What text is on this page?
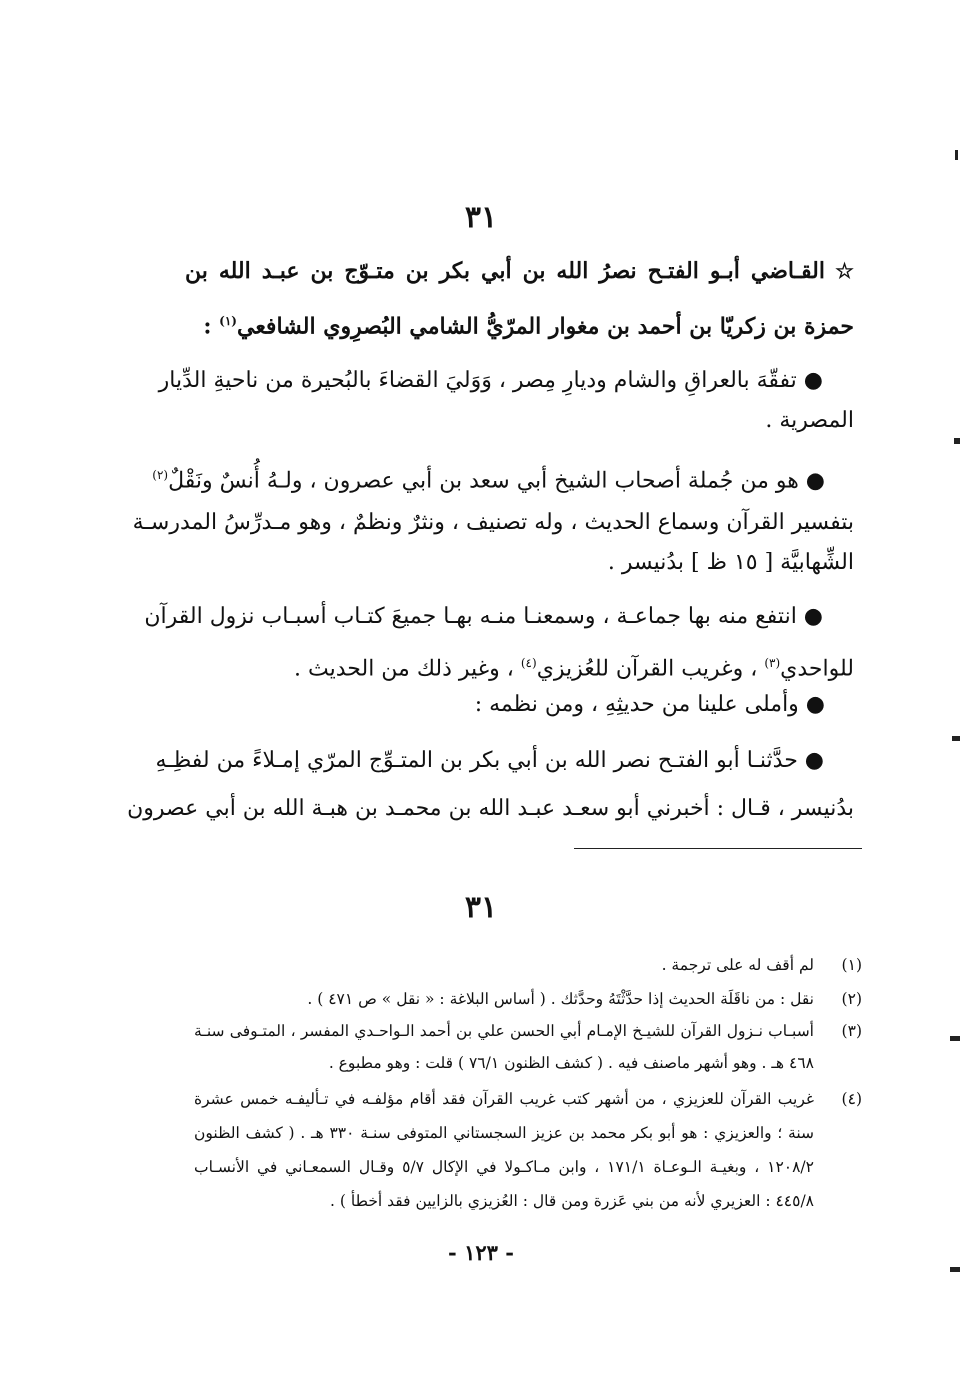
٣١
☆
القـاضي أبـو الفتـح نصرُ الله بن أبي بكر بن متـوّج بن عبـد الله بن
حمزة بن زكريّا بن أحمد بن مغوار المرّيُّ الشامي البُصرِوي الشافعي$^{(١)}$ :
● تفقّهَ بالعراقِ والشام وديارِ مِصر ، وَوَليَ القضاءَ بالبُحيرة من ناحيةِ الدِّيار
المصرية .
● هو من جُملة أصحاب الشيخ أبي سعد بن أبي عصرون ، ولـهُ أُنسٌ ونَقْلٌ$^{(٢)}$
بتفسير القرآن وسماع الحديث ، وله تصنيف ، ونثرٌ ونظمٌ ، وهو مـدرِّسُ المدرسـة
الشِّهابيَّة [ ١٥ ظ ] بدُنيسر .
● انتفع منه بها جماعـة ، وسمعنـا منـه بهـا جميعَ كتـاب أسبـاب نزول القرآن
للواحدي$^{(٣)}$ ، وغريب القرآن للعُزيزي$^{(٤)}$ ، وغير ذلك من الحديث .
● وأملى علينا من حديثِهِ ، ومن نظمه :
● حدَّثنـا أبو الفتـح نصر الله بن أبي بكر بن المتـوِّج المرّي إمـلاءً من لفظِـهِ
بدُنيسر ، قـال : أخبرني أبو سعـد عبـد الله بن محمـد بن هبـة الله بن أبي عصرون
٣١
(١)
لم أقف له على ترجمة .
(٢)
نقل : من ناقَلَة الحديث إذا حدَّثْتَهُ وحدَّثك . ( أساس البلاغة : « نقل » ص ٤٧١ ) .
(٣)
أسبـاب نـزول القرآن للشيـخ الإمـام أبي الحسن علي بن أحمد الـواحـدي المفسر ، المتـوفى سنـة
٤٦٨ هـ . وهو أشهر ماصنف فيه . ( كشف الظنون ٧٦/١ ) قلت : وهو مطبوع .
(٤)
غريب القرآن للعزيزي ، من أشهر كتب غريب القرآن فقد أقام مؤلفـه في تـأليفـه خمس عشرة
سنة ؛ والعزيزي : هو أبو بكر محمد بن عزيز السجستاني المتوفى سنـة ٣٣٠ هـ . ( كشف الظنون
١٢٠٨/٢ ، وبغيـة الـوعـاة ١٧١/١ ، وابن مـاكـولا في الإكال ٥/٧ وقـال السمعـاني في الأنسـاب
٤٤٥/٨ : العزيري لأنه من بني عَزرة ومن قال : العُزيزي بالزايين فقد أخطأ ) .
- ١٢٣ -
